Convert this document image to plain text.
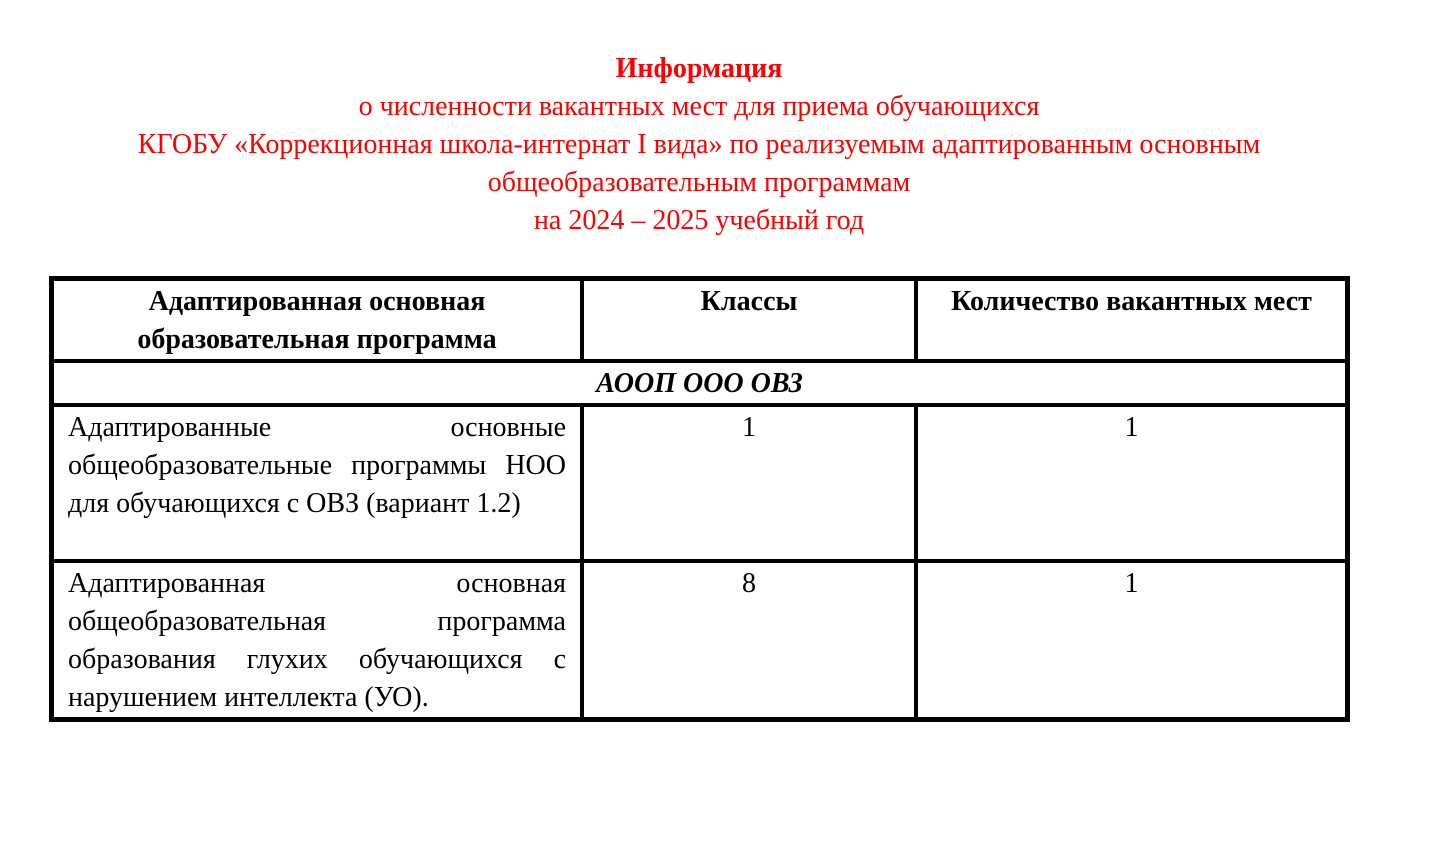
Информация
о численности вакантных мест для приема обучающихся
КГОБУ «Коррекционная школа-интернат I вида» по реализуемым адаптированным основным
общеобразовательным программам
на 2024 – 2025 учебный год
Адаптированная основная образовательная программа	Классы	Количество вакантных мест
АООП ООО ОВЗ		
Адаптированные основные общеобразовательные программы НОО для обучающихся с ОВЗ (вариант 1.2)	1	1
Адаптированная основная общеобразовательная программа образования глухих обучающихся с нарушением интеллекта (УО).	8	1
